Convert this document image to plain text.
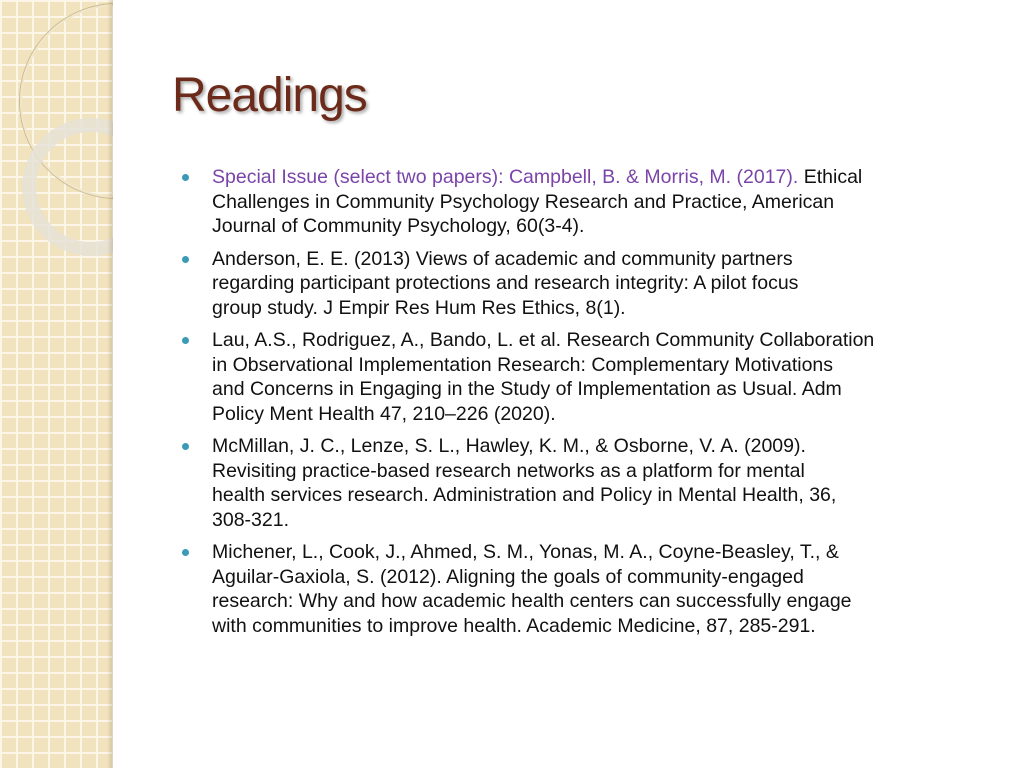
Readings
Special Issue (select two papers): Campbell, B. & Morris, M. (2017). Ethical
Challenges in Community Psychology Research and Practice, American
Journal of Community Psychology, 60(3-4).
Anderson, E. E. (2013) Views of academic and community partners
regarding participant protections and research integrity: A pilot focus
group study. J Empir Res Hum Res Ethics, 8(1).
Lau, A.S., Rodriguez, A., Bando, L. et al. Research Community Collaboration
in Observational Implementation Research: Complementary Motivations
and Concerns in Engaging in the Study of Implementation as Usual. Adm
Policy Ment Health 47, 210–226 (2020).
McMillan, J. C., Lenze, S. L., Hawley, K. M., & Osborne, V. A. (2009).
Revisiting practice-based research networks as a platform for mental
health services research. Administration and Policy in Mental Health, 36,
308-321.
Michener, L., Cook, J., Ahmed, S. M., Yonas, M. A., Coyne-Beasley, T., &
Aguilar-Gaxiola, S. (2012). Aligning the goals of community-engaged
research: Why and how academic health centers can successfully engage
with communities to improve health. Academic Medicine, 87, 285-291.
